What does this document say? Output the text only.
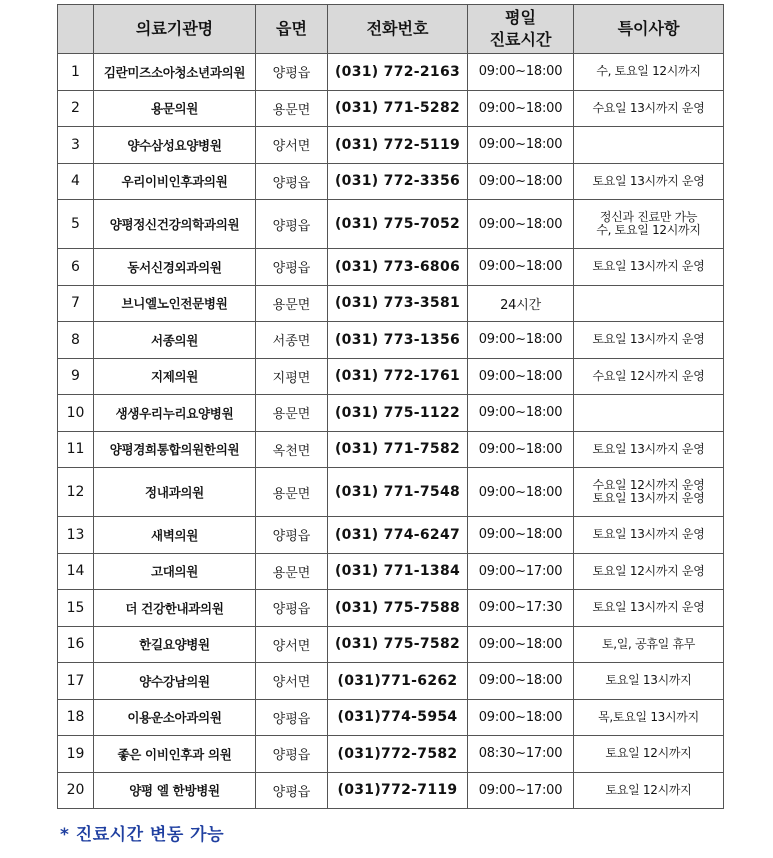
	의료기관명	읍면	전화번호	평일
진료시간	특이사항
1	김란미즈소아청소년과의원	양평읍	(031) 772-2163	09:00~18:00	수, 토요일 12시까지

2	용문의원	용문면	(031) 771-5282	09:00~18:00	수요일 13시까지 운영

3	양수삼성요양병원	양서면	(031) 772-5119	09:00~18:00	
4	우리이비인후과의원	양평읍	(031) 772-3356	09:00~18:00	토요일 13시까지 운영

5	양평정신건강의학과의원	양평읍	(031) 775-7052	09:00~18:00	정신과 진료만 가능
수, 토요일 12시까지

6	동서신경외과의원	양평읍	(031) 773-6806	09:00~18:00	토요일 13시까지 운영

7	브니엘노인전문병원	용문면	(031) 773-3581	24시간	
8	서종의원	서종면	(031) 773-1356	09:00~18:00	토요일 13시까지 운영

9	지제의원	지평면	(031) 772-1761	09:00~18:00	수요일 12시까지 운영

10	생생우리누리요양병원	용문면	(031) 775-1122	09:00~18:00	
11	양평경희통합의원한의원	옥천면	(031) 771-7582	09:00~18:00	토요일 13시까지 운영

12	정내과의원	용문면	(031) 771-7548	09:00~18:00	수요일 12시까지 운영
토요일 13시까지 운영

13	새벽의원	양평읍	(031) 774-6247	09:00~18:00	토요일 13시까지 운영

14	고대의원	용문면	(031) 771-1384	09:00~17:00	토요일 12시까지 운영

15	더 건강한내과의원	양평읍	(031) 775-7588	09:00~17:30	토요일 13시까지 운영

16	한길요양병원	양서면	(031) 775-7582	09:00~18:00	토,일, 공휴일 휴무

17	양수강남의원	양서면	(031)771-6262	09:00~18:00	토요일 13시까지

18	이용운소아과의원	양평읍	(031)774-5954	09:00~18:00	목,토요일 13시까지

19	좋은 이비인후과 의원	양평읍	(031)772-7582	08:30~17:00	토요일 12시까지

20	양평 엘 한방병원	양평읍	(031)772-7119	09:00~17:00	토요일 12시까지
* 진료시간 변동 가능
